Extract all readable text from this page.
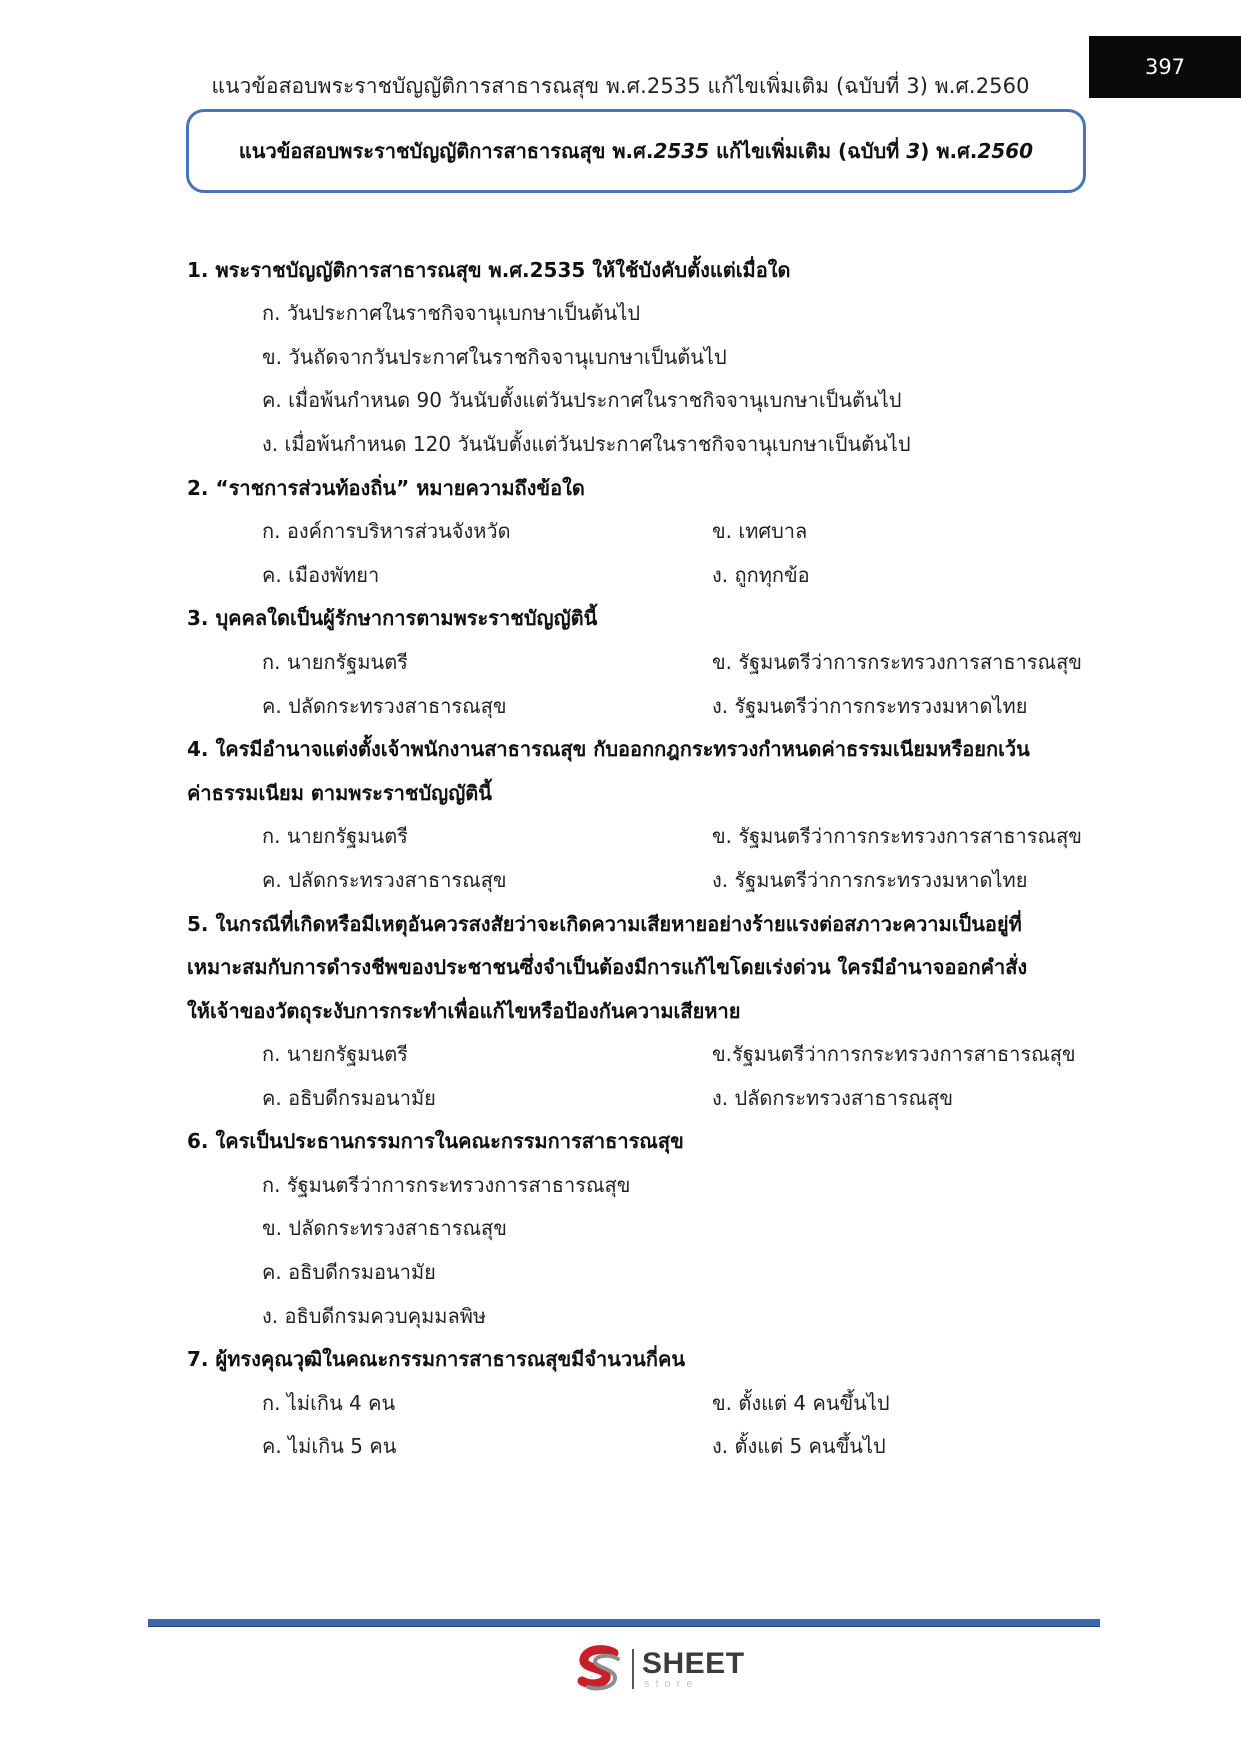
แนวข้อสอบพระราชบัญญัติการสาธารณสุข พ.ศ.2535 แก้ไขเพิ่มเติม (ฉบับที่ 3) พ.ศ.2560
397
แนวข้อสอบพระราชบัญญัติการสาธารณสุข พ.ศ.2535 แก้ไขเพิ่มเติม (ฉบับที่ 3) พ.ศ.2560
1. พระราชบัญญัติการสาธารณสุข พ.ศ.2535 ให้ใช้บังคับตั้งแต่เมื่อใด
ก. วันประกาศในราชกิจจานุเบกษาเป็นต้นไป
ข. วันถัดจากวันประกาศในราชกิจจานุเบกษาเป็นต้นไป
ค. เมื่อพ้นกำหนด 90 วันนับตั้งแต่วันประกาศในราชกิจจานุเบกษาเป็นต้นไป
ง. เมื่อพ้นกำหนด 120 วันนับตั้งแต่วันประกาศในราชกิจจานุเบกษาเป็นต้นไป
2. “ราชการส่วนท้องถิ่น” หมายความถึงข้อใด
ก. องค์การบริหารส่วนจังหวัด	ข. เทศบาล
ค. เมืองพัทยา	ง. ถูกทุกข้อ
3. บุคคลใดเป็นผู้รักษาการตามพระราชบัญญัตินี้
ก. นายกรัฐมนตรี	ข. รัฐมนตรีว่าการกระทรวงการสาธารณสุข
ค. ปลัดกระทรวงสาธารณสุข	ง. รัฐมนตรีว่าการกระทรวงมหาดไทย
4. ใครมีอำนาจแต่งตั้งเจ้าพนักงานสาธารณสุข กับออกกฎกระทรวงกำหนดค่าธรรมเนียมหรือยกเว้น
ค่าธรรมเนียม ตามพระราชบัญญัตินี้
ก. นายกรัฐมนตรี	ข. รัฐมนตรีว่าการกระทรวงการสาธารณสุข
ค. ปลัดกระทรวงสาธารณสุข	ง. รัฐมนตรีว่าการกระทรวงมหาดไทย
5. ในกรณีที่เกิดหรือมีเหตุอันควรสงสัยว่าจะเกิดความเสียหายอย่างร้ายแรงต่อสภาวะความเป็นอยู่ที่
เหมาะสมกับการดำรงชีพของประชาชนซึ่งจำเป็นต้องมีการแก้ไขโดยเร่งด่วน ใครมีอำนาจออกคำสั่ง
ให้เจ้าของวัตถุระงับการกระทำเพื่อแก้ไขหรือป้องกันความเสียหาย
ก. นายกรัฐมนตรี	ข.รัฐมนตรีว่าการกระทรวงการสาธารณสุข
ค. อธิบดีกรมอนามัย	ง. ปลัดกระทรวงสาธารณสุข
6. ใครเป็นประธานกรรมการในคณะกรรมการสาธารณสุข
ก. รัฐมนตรีว่าการกระทรวงการสาธารณสุข
ข. ปลัดกระทรวงสาธารณสุข
ค. อธิบดีกรมอนามัย
ง. อธิบดีกรมควบคุมมลพิษ
7. ผู้ทรงคุณวุฒิในคณะกรรมการสาธารณสุขมีจำนวนกี่คน
ก. ไม่เกิน 4 คน	ข. ตั้งแต่ 4 คนขึ้นไป
ค. ไม่เกิน 5 คน	ง. ตั้งแต่ 5 คนขึ้นไป
SHEET
store
